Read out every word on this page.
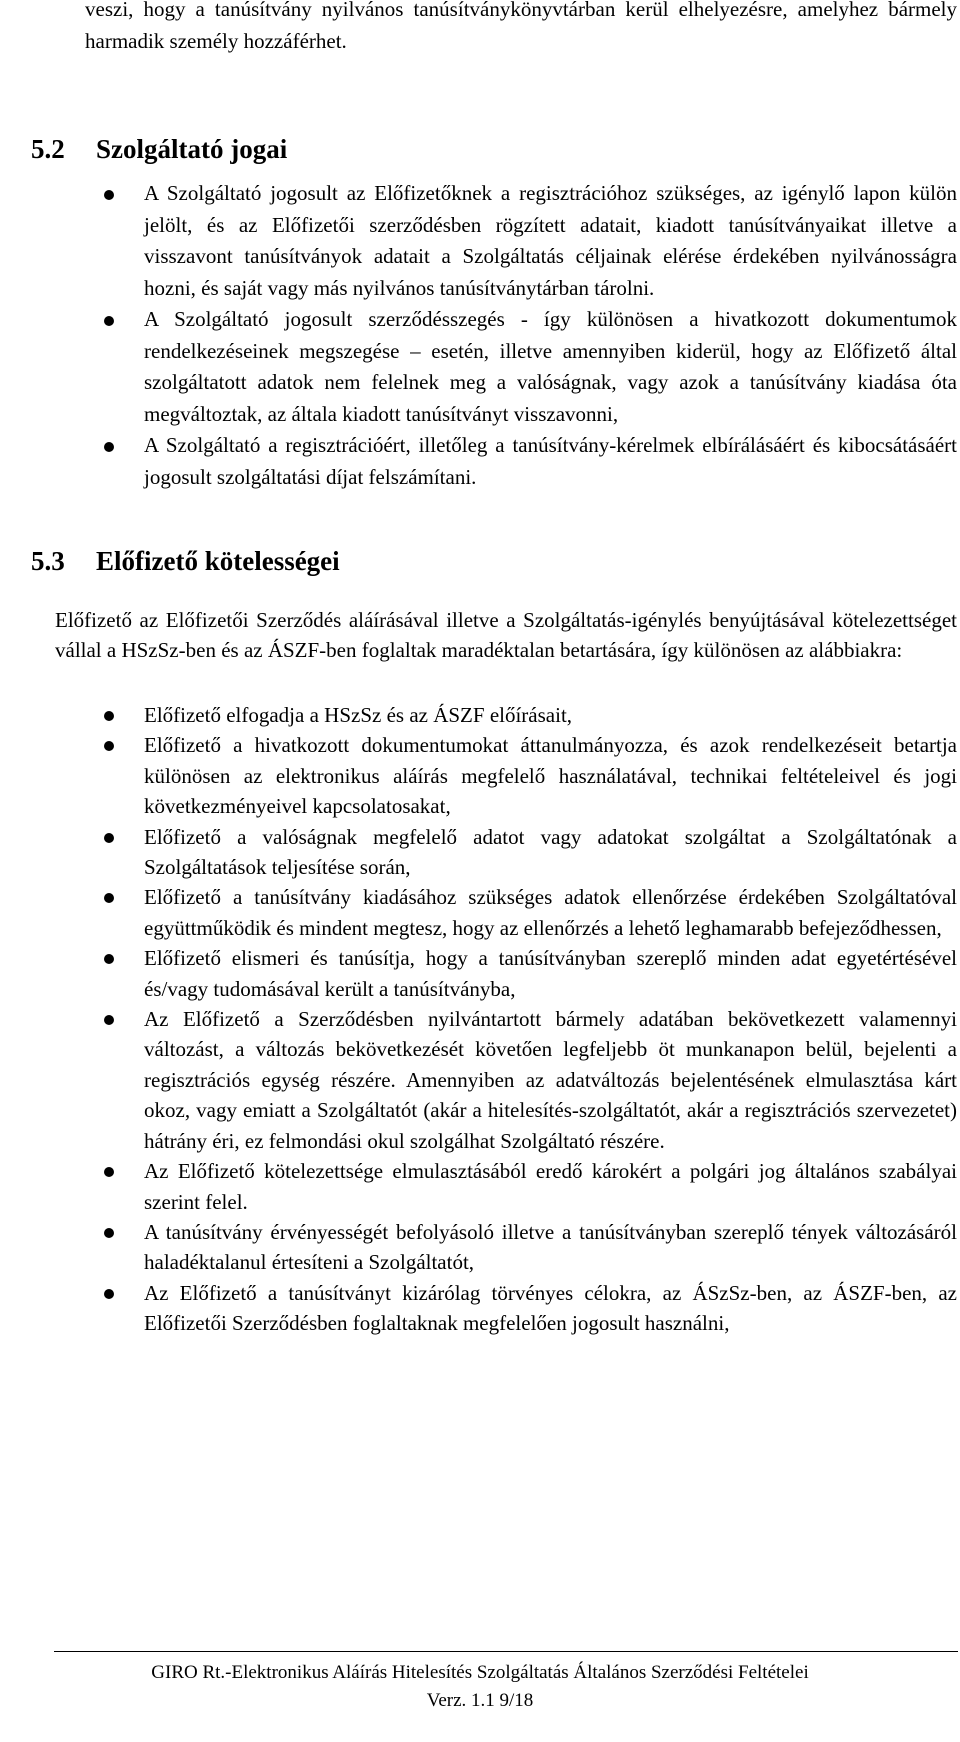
veszi, hogy a tanúsítvány nyilvános tanúsítványkönyvtárban kerül elhelyezésre, amelyhez bármely harmadik személy hozzáférhet.

5.2 Szolgáltató jogai
A Szolgáltató jogosult az Előfizetőknek a regisztrációhoz szükséges, az igénylő lapon külön jelölt, és az Előfizetői szerződésben rögzített adatait, kiadott tanúsítványaikat illetve a visszavont tanúsítványok adatait a Szolgáltatás céljainak elérése érdekében nyilvánosságra hozni, és saját vagy más nyilvános tanúsítványtárban tárolni.
A Szolgáltató jogosult szerződésszegés - így különösen a hivatkozott dokumentumok rendelkezéseinek megszegése – esetén, illetve amennyiben kiderül, hogy az Előfizető által szolgáltatott adatok nem felelnek meg a valóságnak, vagy azok a tanúsítvány kiadása óta megváltoztak, az általa kiadott tanúsítványt visszavonni,
A Szolgáltató a regisztrációért, illetőleg a tanúsítvány-kérelmek elbírálásáért és kibocsátásáért jogosult szolgáltatási díjat felszámítani.
5.3 Előfizető kötelességei

Előfizető az Előfizetői Szerződés aláírásával illetve a Szolgáltatás-igénylés benyújtásával kötelezettséget vállal a HSzSz-ben és az ÁSZF-ben foglaltak maradéktalan betartására, így különösen az alábbiakra:

Előfizető elfogadja a HSzSz és az ÁSZF előírásait,
Előfizető a hivatkozott dokumentumokat áttanulmányozza, és azok rendelkezéseit betartja különösen az elektronikus aláírás megfelelő használatával, technikai feltételeivel és jogi következményeivel kapcsolatosakat,
Előfizető a valóságnak megfelelő adatot vagy adatokat szolgáltat a Szolgáltatónak a Szolgáltatások teljesítése során,
Előfizető a tanúsítvány kiadásához szükséges adatok ellenőrzése érdekében Szolgáltatóval együttműködik és mindent megtesz, hogy az ellenőrzés a lehető leghamarabb befejeződhessen,
Előfizető elismeri és tanúsítja, hogy a tanúsítványban szereplő minden adat egyetértésével és/vagy tudomásával került a tanúsítványba,
Az Előfizető a Szerződésben nyilvántartott bármely adatában bekövetkezett valamennyi változást, a változás bekövetkezését követően legfeljebb öt munkanapon belül, bejelenti a regisztrációs egység részére. Amennyiben az adatváltozás bejelentésének elmulasztása kárt okoz, vagy emiatt a Szolgáltatót (akár a hitelesítés-szolgáltatót, akár a regisztrációs szervezetet) hátrány éri, ez felmondási okul szolgálhat Szolgáltató részére.
Az Előfizető kötelezettsége elmulasztásából eredő károkért a polgári jog általános szabályai szerint felel.
A tanúsítvány érvényességét befolyásoló illetve a tanúsítványban szereplő tények változásáról haladéktalanul értesíteni a Szolgáltatót,
Az Előfizető a tanúsítványt kizárólag törvényes célokra, az ÁSzSz-ben, az ÁSZF-ben, az Előfizetői Szerződésben foglaltaknak megfelelően jogosult használni,
GIRO Rt.-Elektronikus Aláírás Hitelesítés Szolgáltatás Általános Szerződési Feltételei
Verz. 1.1 9/18
